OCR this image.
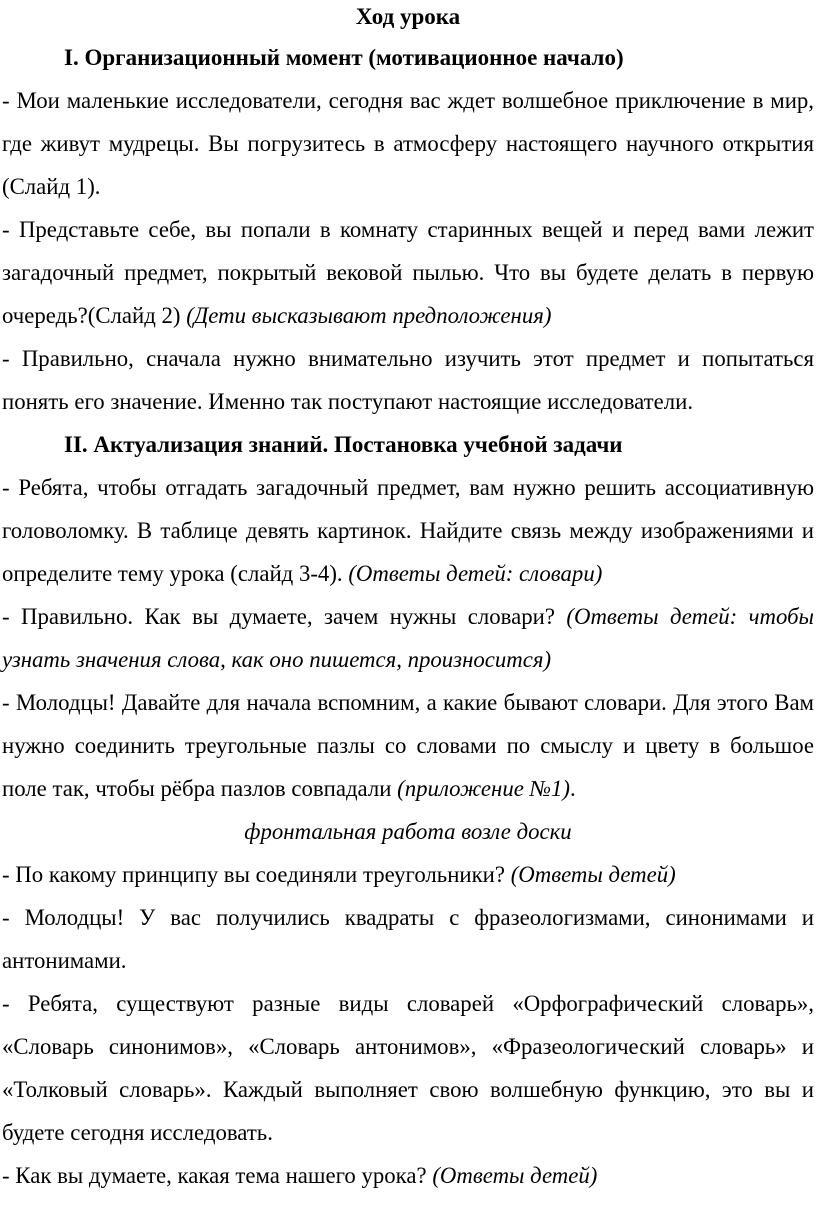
Ход урока

I. Организационный момент (мотивационное начало)

- Мои маленькие исследователи, сегодня вас ждет волшебное приключение в мир, где живут мудрецы. Вы погрузитесь в атмосферу настоящего научного открытия (Слайд 1).

- Представьте себе, вы попали в комнату старинных вещей и перед вами лежит загадочный предмет, покрытый вековой пылью. Что вы будете делать в первую очередь?(Слайд 2) (Дети высказывают предположения)

- Правильно, сначала нужно внимательно изучить этот предмет и попытаться понять его значение. Именно так поступают настоящие исследователи.

II. Актуализация знаний. Постановка учебной задачи

- Ребята, чтобы отгадать загадочный предмет, вам нужно решить ассоциативную головоломку. В таблице девять картинок. Найдите связь между изображениями и определите тему урока (слайд 3-4). (Ответы детей: словари)

- Правильно. Как вы думаете, зачем нужны словари? (Ответы детей: чтобы узнать значения слова, как оно пишется, произносится)

- Молодцы! Давайте для начала вспомним, а какие бывают словари. Для этого Вам нужно соединить треугольные пазлы со словами по смыслу и цвету в большое поле так, чтобы рёбра пазлов совпадали (приложение №1).

фронтальная работа возле доски

- По какому принципу вы соединяли треугольники? (Ответы детей)

- Молодцы! У вас получились квадраты с фразеологизмами, синонимами и антонимами.

- Ребята, существуют разные виды словарей «Орфографический словарь», «Словарь синонимов», «Словарь антонимов», «Фразеологический словарь» и «Толковый словарь». Каждый выполняет свою волшебную функцию, это вы и будете сегодня исследовать.

- Как вы думаете, какая тема нашего урока? (Ответы детей)
